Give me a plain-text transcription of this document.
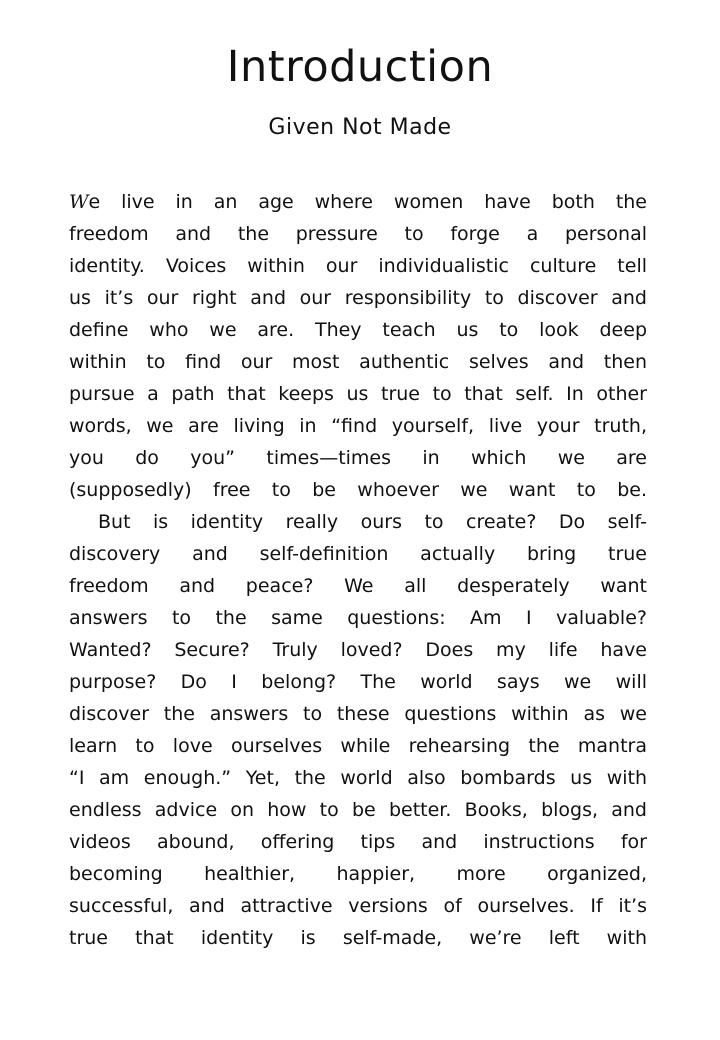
Introduction
Given Not Made
We live in an age where women have both the
freedom and the pressure to forge a personal
identity. Voices within our individualistic culture tell
us it’s our right and our responsibility to discover and
define who we are. They teach us to look deep
within to find our most authentic selves and then
pursue a path that keeps us true to that self. In other
words, we are living in “find yourself, live your truth,
you do you” times—times in which we are
(supposedly) free to be whoever we want to be.
But is identity really ours to create? Do self-
discovery and self-definition actually bring true
freedom and peace? We all desperately want
answers to the same questions: Am I valuable?
Wanted? Secure? Truly loved? Does my life have
purpose? Do I belong? The world says we will
discover the answers to these questions within as we
learn to love ourselves while rehearsing the mantra
“I am enough.” Yet, the world also bombards us with
endless advice on how to be better. Books, blogs, and
videos abound, offering tips and instructions for
becoming healthier, happier, more organized,
successful, and attractive versions of ourselves. If it’s
true that identity is self-made, we’re left with
